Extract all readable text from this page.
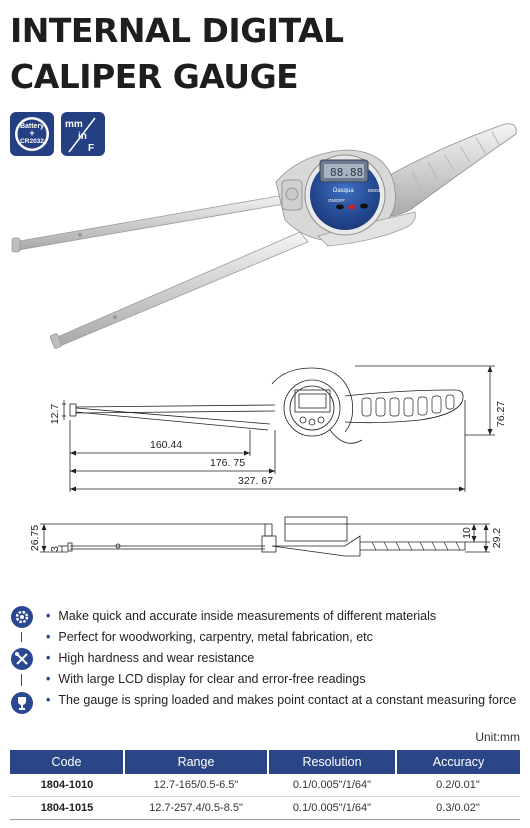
INTERNAL DIGITAL
CALIPER GAUGE
Battery
+
CR2032
mm
in
F
88.88
Dasqua	MODE
ON/OFF
12.7
160.44
176. 75
327. 67
76.27
26.75 3
10 29.2
• Make quick and accurate inside measurements of different materials
• Perfect for woodworking, carpentry, metal fabrication, etc
• High hardness and wear resistance
• With large LCD display for clear and error-free readings
• The gauge is spring loaded and makes point contact at a constant measuring force
Unit:mm
Code	Range	Resolution	Accuracy
1804-1010	12.7-165/0.5-6.5"	0.1/0.005"/1/64"	0.2/0.01"
1804-1015	12.7-257.4/0.5-8.5"	0.1/0.005"/1/64"	0.3/0.02"
